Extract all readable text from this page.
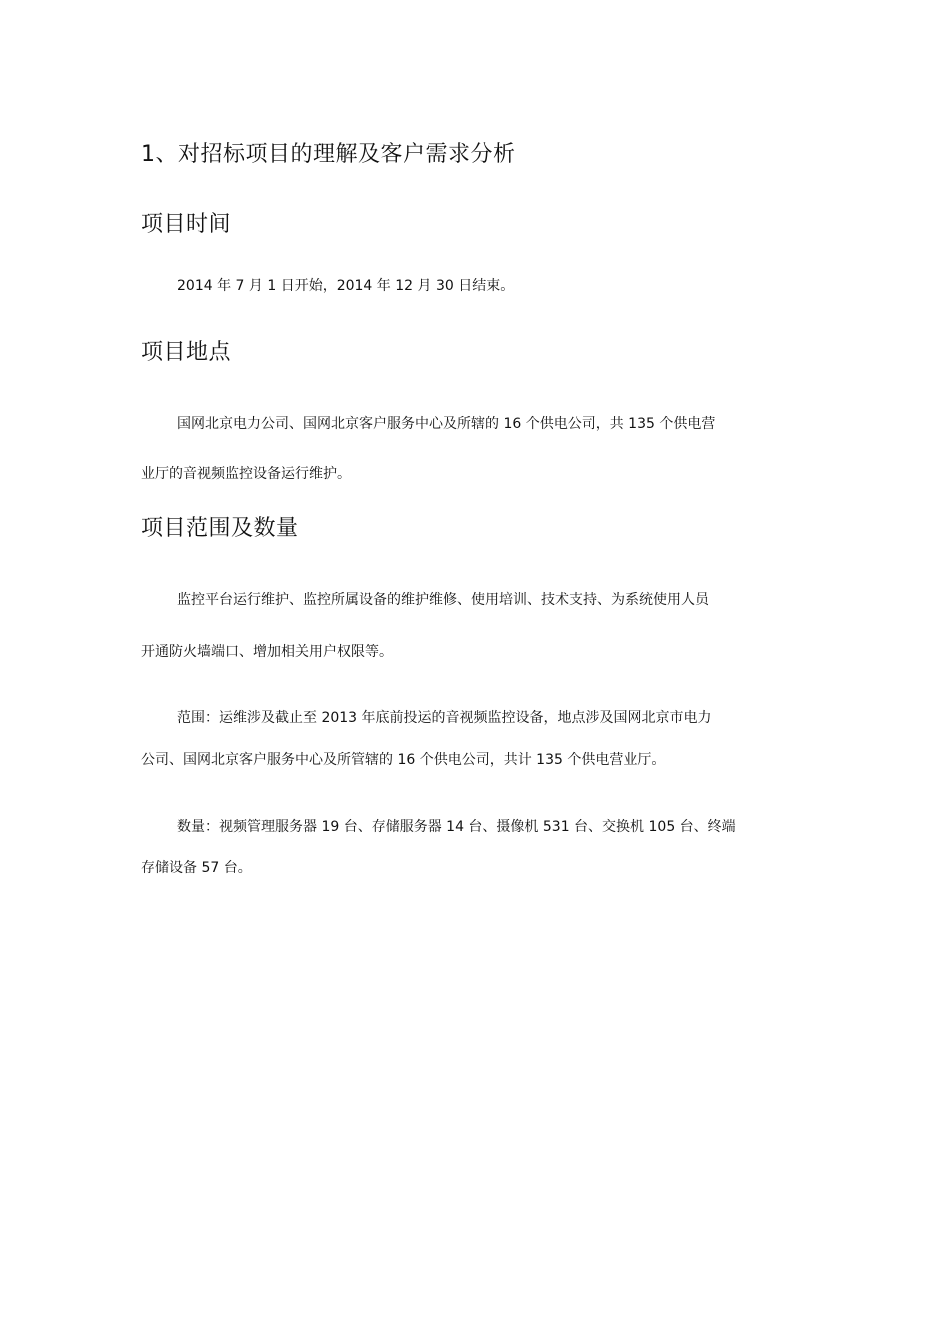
1、对招标项目的理解及客户需求分析
项目时间
2014 年 7 月 1 日开始，2014 年 12 月 30 日结束。
项目地点
国网北京电力公司、国网北京客户服务中心及所辖的 16 个供电公司，共 135 个供电营
业厅的音视频监控设备运行维护。
项目范围及数量
监控平台运行维护、监控所属设备的维护维修、使用培训、技术支持、为系统使用人员
开通防火墙端口、增加相关用户权限等。
范围：运维涉及截止至 2013 年底前投运的音视频监控设备，地点涉及国网北京市电力
公司、国网北京客户服务中心及所管辖的 16 个供电公司，共计 135 个供电营业厅。
数量：视频管理服务器 19 台、存储服务器 14 台、摄像机 531 台、交换机 105 台、终端
存储设备 57 台。
